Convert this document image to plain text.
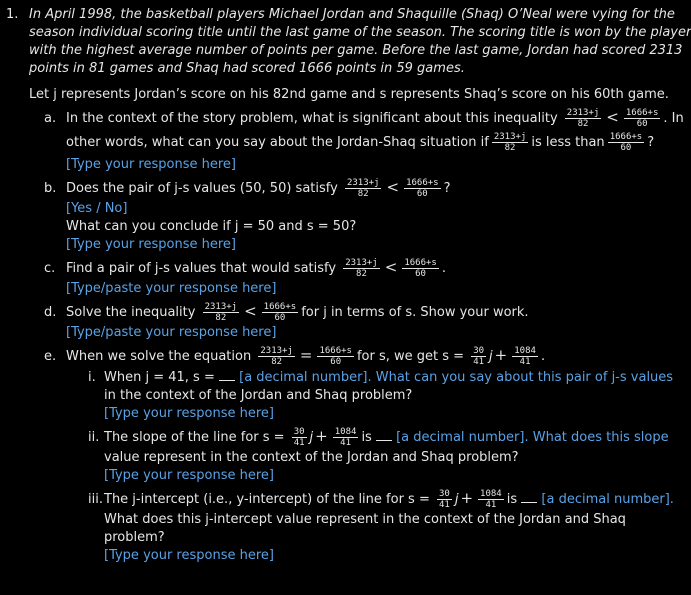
1. In April 1998, the basketball players Michael Jordan and Shaquille (Shaq) O’Neal were vying for the
season individual scoring title until the last game of the season. The scoring title is won by the player
with the highest average number of points per game. Before the last game, Jordan had scored 2313
points in 81 games and Shaq had scored 1666 points in 59 games.
Let j represents Jordan’s score on his 82nd game and s represents Shaq’s score on his 60th game.
a. In the context of the story problem, what is significant about this inequality $\frac{2313+j}{82} < \frac{1666+s}{60}$ . In
other words, what can you say about the Jordan-Shaq situation if $\frac{2313+j}{82}$ is less than $\frac{1666+s}{60}$ ?
[Type your response here]
b. Does the pair of j-s values (50, 50) satisfy $\frac{2313+j}{82} < \frac{1666+s}{60}$ ?
[Yes / No]
What can you conclude if j = 50 and s = 50?
[Type your response here]
c. Find a pair of j-s values that would satisfy $\frac{2313+j}{82} < \frac{1666+s}{60}$ .
[Type/paste your response here]
d. Solve the inequality $\frac{2313+j}{82} < \frac{1666+s}{60}$ for j in terms of s. Show your work.
[Type/paste your response here]
e. When we solve the equation $\frac{2313+j}{82} = \frac{1666+s}{60}$ for s, we get $s = \frac{30}{41}$ $j + \frac{1084}{41}$ .
i. When j = 41, s = [a decimal number]. What can you say about this pair of j-s values
in the context of the Jordan and Shaq problem?
[Type your response here]
ii. The slope of the line for $s = \frac{30}{41}$ $j + \frac{1084}{41}$ is [a decimal number]. What does this slope
value represent in the context of the Jordan and Shaq problem?
[Type your response here]
iii.The j-intercept (i.e., y-intercept) of the line for $s = \frac{30}{41}$ $j + \frac{1084}{41}$ is [a decimal number].
What does this j-intercept value represent in the context of the Jordan and Shaq
problem?
[Type your response here]
